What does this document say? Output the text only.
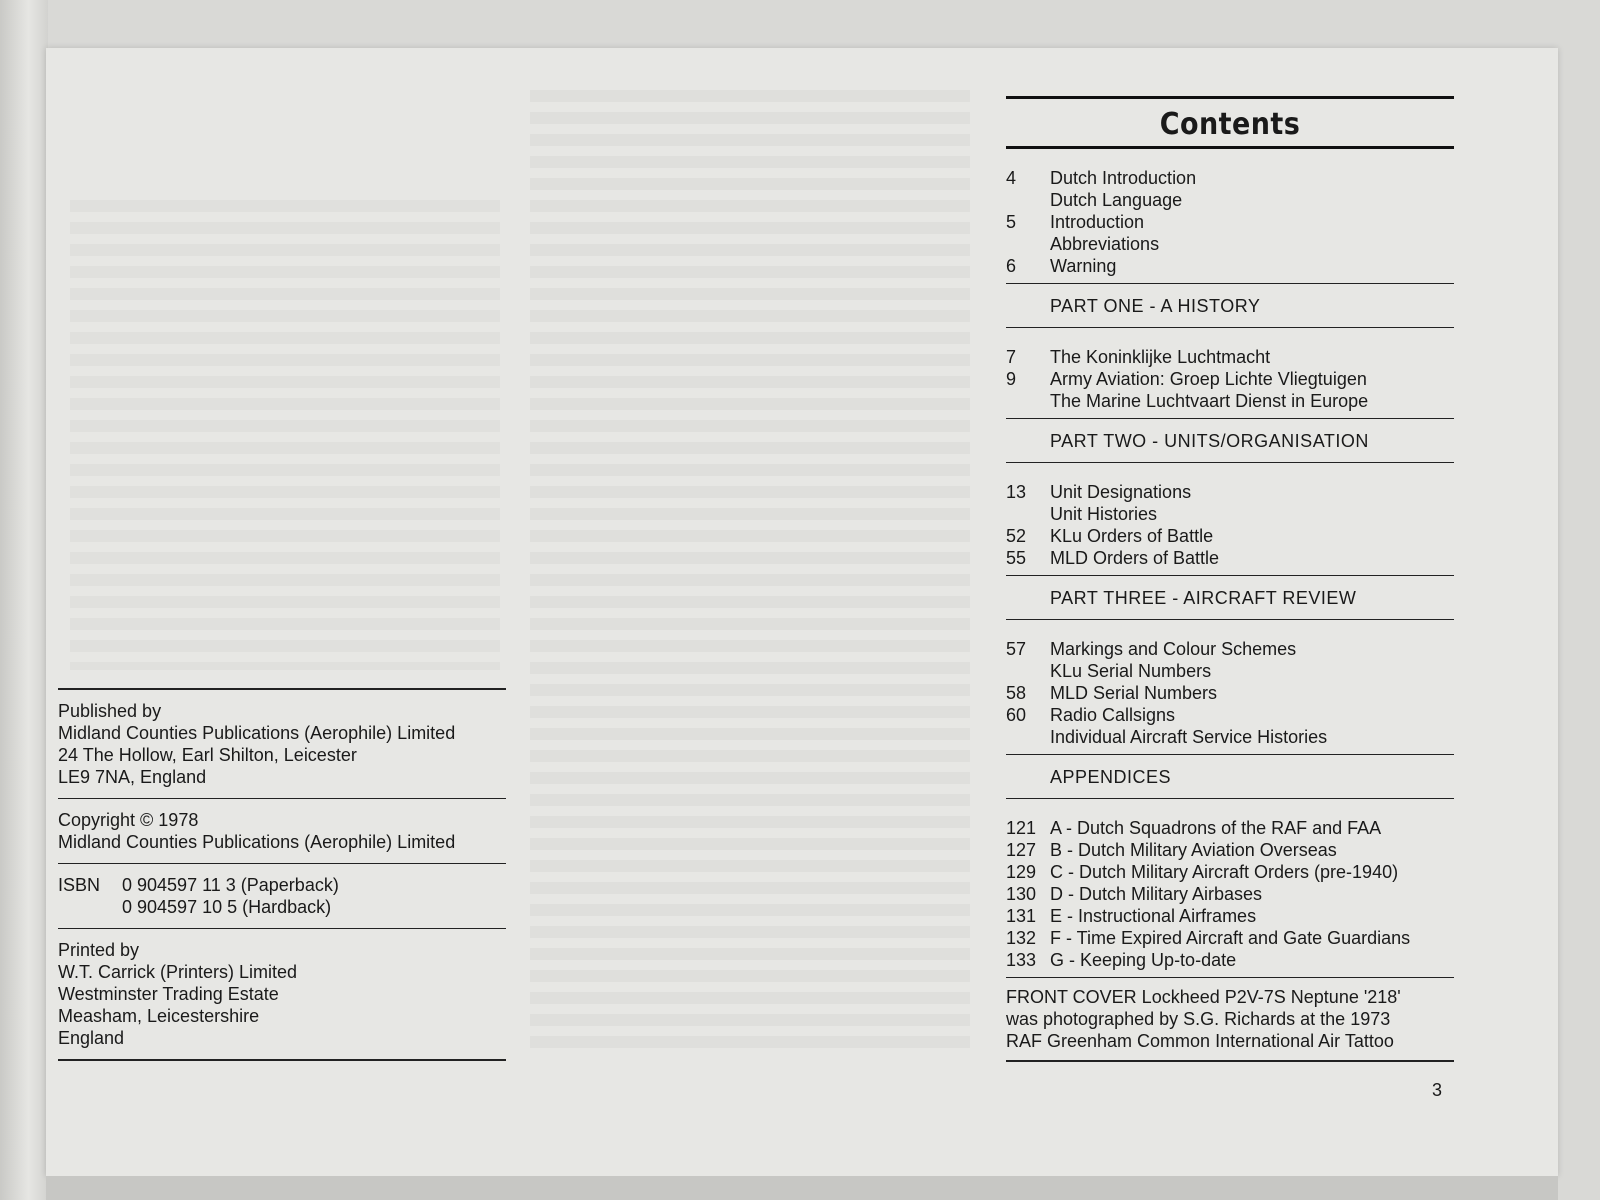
Published by

Midland Counties Publications (Aerophile) Limited

24 The Hollow, Earl Shilton, Leicester

LE9 7NA, England

Copyright © 1978

Midland Counties Publications (Aerophile) Limited

ISBN 0 904597 11 3 (Paperback)

0 904597 10 5 (Hardback)

Printed by

W.T. Carrick (Printers) Limited

Westminster Trading Estate

Measham, Leicestershire

England

Contents
4	Dutch Introduction
Dutch Language
5	Introduction
Abbreviations
6	Warning
PART ONE - A HISTORY
7	The Koninklijke Luchtmacht
9	Army Aviation: Groep Lichte Vliegtuigen
The Marine Luchtvaart Dienst in Europe
PART TWO - UNITS/ORGANISATION
13	Unit Designations
Unit Histories
52	KLu Orders of Battle
55	MLD Orders of Battle
PART THREE - AIRCRAFT REVIEW
57	Markings and Colour Schemes
KLu Serial Numbers
58	MLD Serial Numbers
60	Radio Callsigns
Individual Aircraft Service Histories
APPENDICES
121 A - Dutch Squadrons of the RAF and FAA
127 B - Dutch Military Aviation Overseas
129 C - Dutch Military Aircraft Orders (pre-1940)
130 D - Dutch Military Airbases
131 E - Instructional Airframes
132 F - Time Expired Aircraft and Gate Guardians
133 G - Keeping Up-to-date

FRONT COVER Lockheed P2V-7S Neptune '218'

was photographed by S.G. Richards at the 1973

RAF Greenham Common International Air Tattoo

3
